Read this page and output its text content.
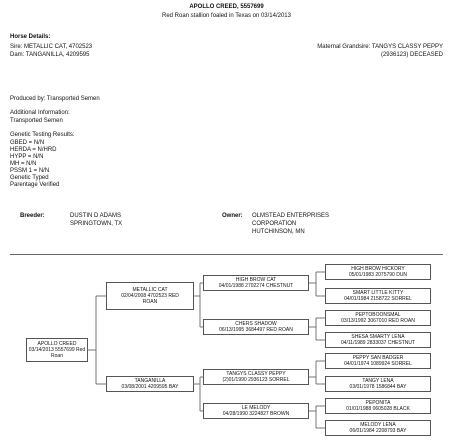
APOLLO CREED, 5557699
Red Roan stallion foaled in Texas on 03/14/2013
Horse Details:
Sire: METALLIC CAT, 4702523
Dam: TANGANILLA, 4209595
Maternal Grandsire: TANGYS CLASSY PEPPY
(2936123) DECEASED
Produced by: Transported Semen
Additional Information:
Transported Semen
Genetic Testing Results:
GBED = N/N
HERDA = N/HRD
HYPP = N/N
MH = N/N
PSSM 1 = N/N
Genetic Typed
Parentage Verified
Breeder:	DUSTIN D ADAMS
SPRINGTOWN, TX
Owner: OLMSTEAD ENTERPRISES
CORPORATION
HUTCHINSON, MN
APOLLO CREED
03/14/2013 5557699 Red
Roan
METALLIC CAT
02/04/2008 4702523 RED
ROAN
TANGANILLA
03/08/2001 4209595 BAY
HIGH BROW CAT
04/01/1988 2702274 CHESTNUT
CHERS SHADOW
06/13/1995 3684497 RED ROAN
TANGYS CLASSY PEPPY
(2)01/1990 2936123 SORREL
LE MELODY
04/28/1990 3224827 BROWN
HIGH BROW HICKORY
05/01/1983 2075790 DUN
SMART LITTLE KITTY
04/01/1984 2158722 SORREL
PEPTOBOONSMAL
03/13/1992 3067010 RED ROAN
SHESA SMARTY LENA
04/11/1989 2833037 CHESTNUT
PEPPY SAN BADGER
04/01/1974 1089924 SORREL
TANGY LENA
03/01/1978 1586844 BAY
PEPONITA
01/01/1988 0605028 BLACK
MELODY LENA
06/01/1984 2208793 BAY
